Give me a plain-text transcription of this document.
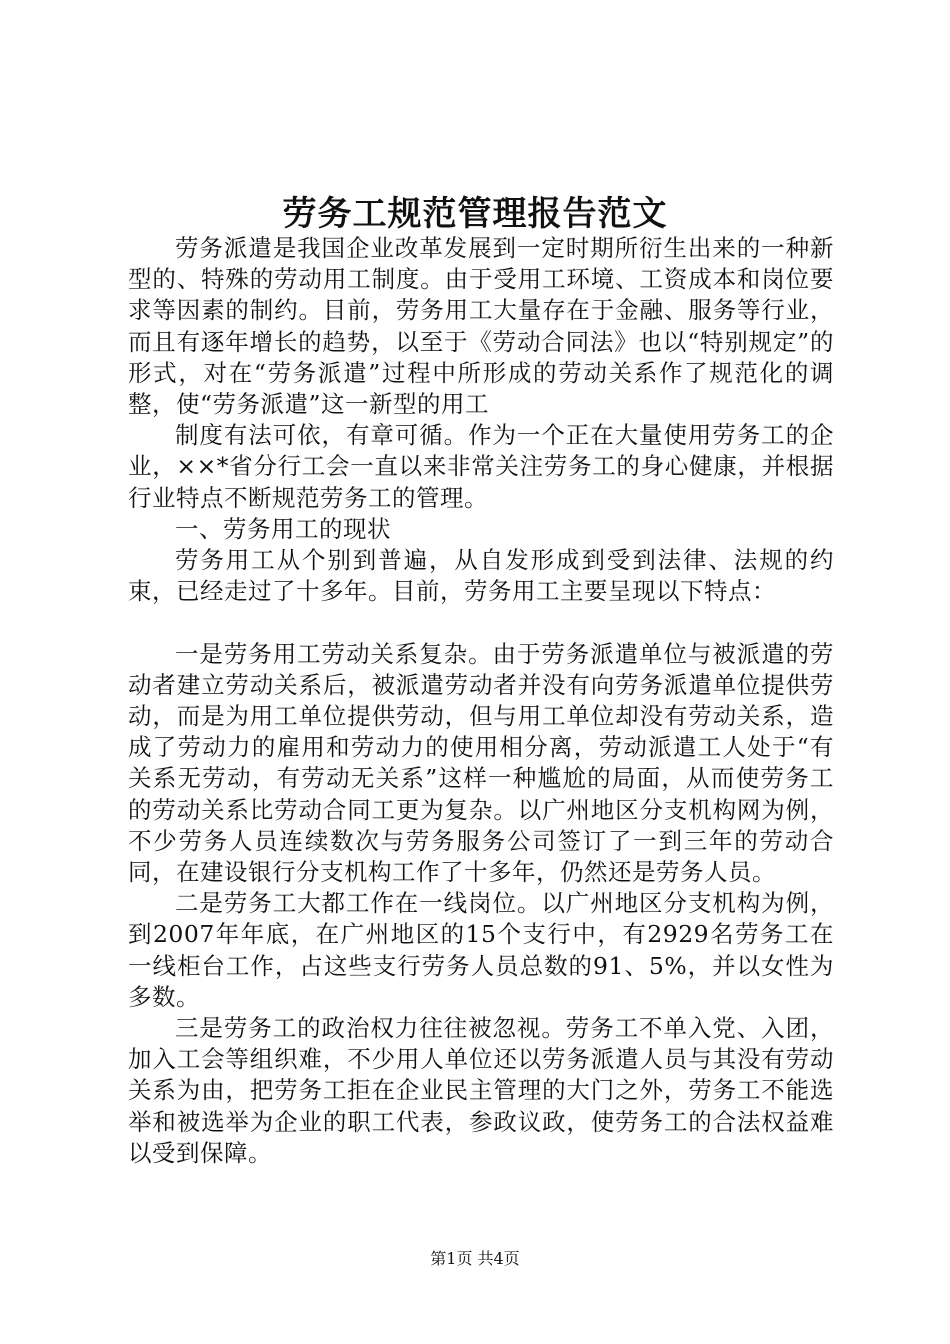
劳务工规范管理报告范文

劳务派遣是我国企业改革发展到一定时期所衍生出来的一种新型的、特殊的劳动用工制度。由于受用工环境、工资成本和岗位要求等因素的制约。目前，劳务用工大量存在于金融、服务等行业，而且有逐年增长的趋势，以至于《劳动合同法》也以“特别规定”的形式，对在“劳务派遣”过程中所形成的劳动关系作了规范化的调整，使“劳务派遣”这一新型的用工

制度有法可依，有章可循。作为一个正在大量使用劳务工的企业，××*省分行工会一直以来非常关注劳务工的身心健康，并根据行业特点不断规范劳务工的管理。

一、劳务用工的现状

劳务用工从个别到普遍，从自发形成到受到法律、法规的约束，已经走过了十多年。目前，劳务用工主要呈现以下特点：

一是劳务用工劳动关系复杂。由于劳务派遣单位与被派遣的劳动者建立劳动关系后，被派遣劳动者并没有向劳务派遣单位提供劳动，而是为用工单位提供劳动，但与用工单位却没有劳动关系，造成了劳动力的雇用和劳动力的使用相分离，劳动派遣工人处于“有关系无劳动，有劳动无关系”这样一种尴尬的局面，从而使劳务工的劳动关系比劳动合同工更为复杂。以广州地区分支机构网为例，不少劳务人员连续数次与劳务服务公司签订了一到三年的劳动合同，在建设银行分支机构工作了十多年，仍然还是劳务人员。

二是劳务工大都工作在一线岗位。以广州地区分支机构为例，到2007年年底，在广州地区的15个支行中，有2929名劳务工在一线柜台工作，占这些支行劳务人员总数的91、5%，并以女性为多数。

三是劳务工的政治权力往往被忽视。劳务工不单入党、入团，加入工会等组织难，不少用人单位还以劳务派遣人员与其没有劳动关系为由，把劳务工拒在企业民主管理的大门之外，劳务工不能选举和被选举为企业的职工代表，参政议政，使劳务工的合法权益难以受到保障。

第1页 共4页
